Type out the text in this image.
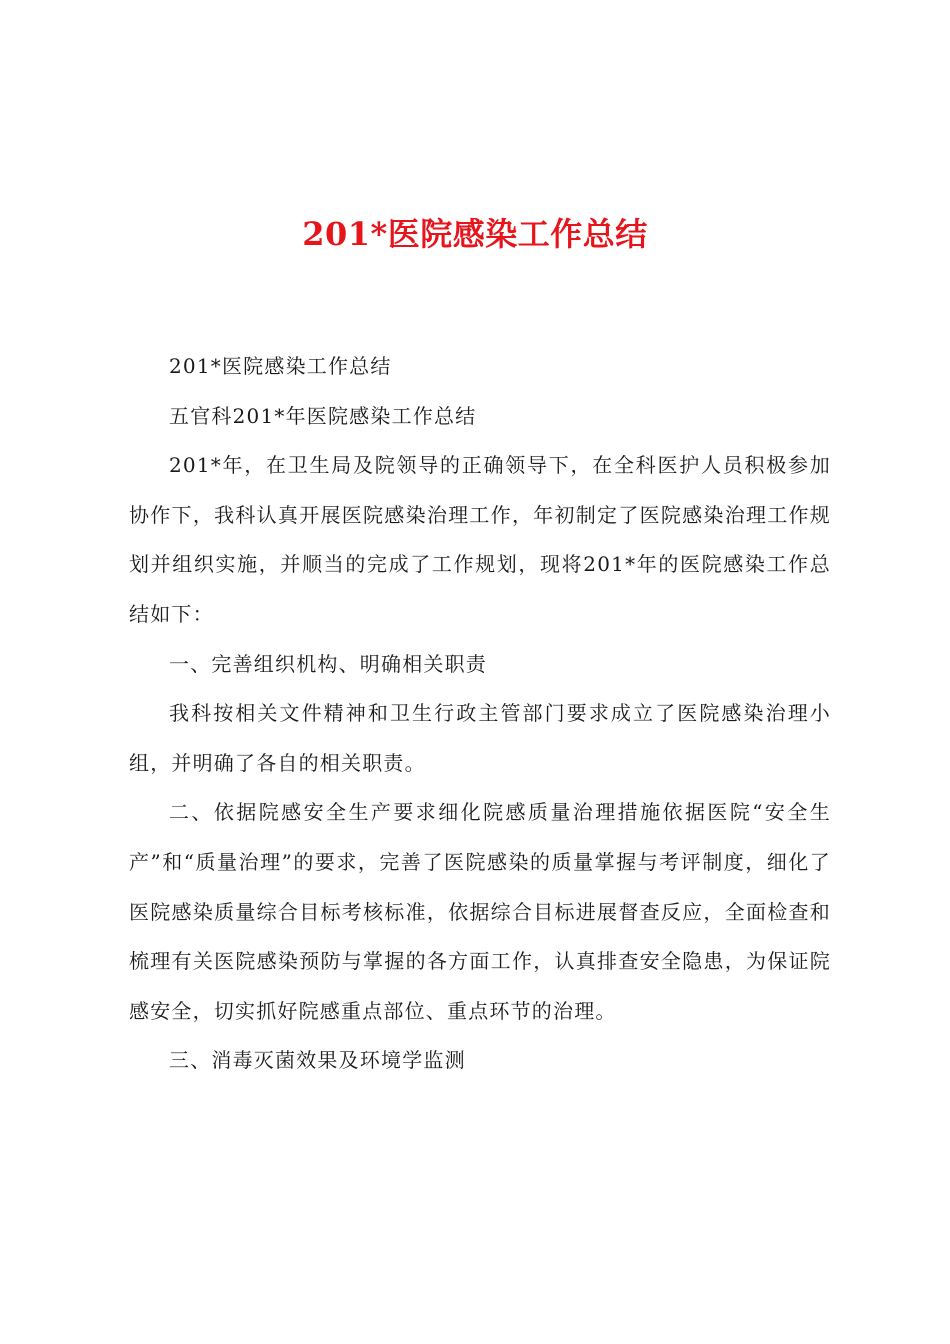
201*医院感染工作总结

201*医院感染工作总结

五官科201*年医院感染工作总结

201*年，在卫生局及院领导的正确领导下，在全科医护人员积极参加协作下，我科认真开展医院感染治理工作，年初制定了医院感染治理工作规划并组织实施，并顺当的完成了工作规划，现将201*年的医院感染工作总结如下：

一、完善组织机构、明确相关职责

我科按相关文件精神和卫生行政主管部门要求成立了医院感染治理小组，并明确了各自的相关职责。

二、依据院感安全生产要求细化院感质量治理措施依据医院“安全生产”和“质量治理”的要求，完善了医院感染的质量掌握与考评制度，细化了医院感染质量综合目标考核标准，依据综合目标进展督查反应，全面检查和梳理有关医院感染预防与掌握的各方面工作，认真排查安全隐患，为保证院感安全，切实抓好院感重点部位、重点环节的治理。

三、消毒灭菌效果及环境学监测
